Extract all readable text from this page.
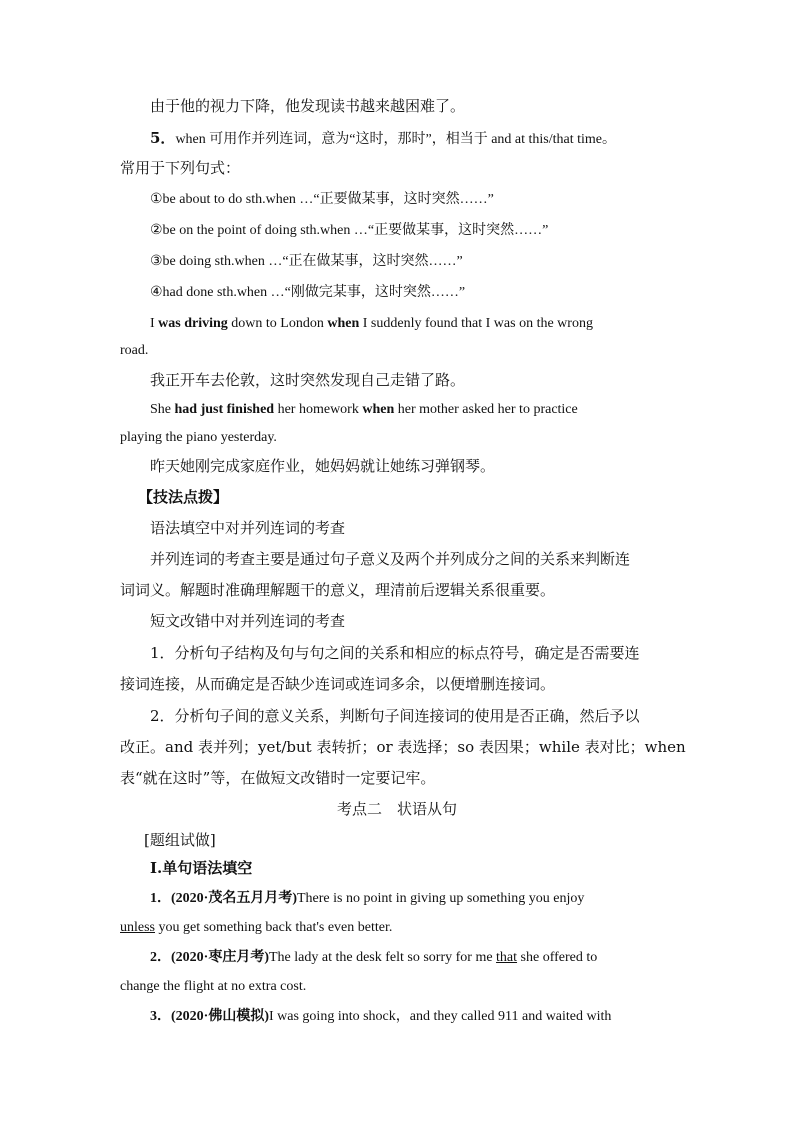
由于他的视力下降，他发现读书越来越困难了。
5．when 可用作并列连词，意为“这时，那时”，相当于 and at this/that time。
常用于下列句式：
①be about to do sth.when …“正要做某事，这时突然……”
②be on the point of doing sth.when …“正要做某事，这时突然……”
③be doing sth.when …“正在做某事，这时突然……”
④had done sth.when …“刚做完某事，这时突然……”
I was driving down to London when I suddenly found that I was on the wrong
road.
我正开车去伦敦，这时突然发现自己走错了路。
She had just finished her homework when her mother asked her to practice
playing the piano yesterday.
昨天她刚完成家庭作业，她妈妈就让她练习弹钢琴。
【技法点拨】
语法填空中对并列连词的考查
并列连词的考查主要是通过句子意义及两个并列成分之间的关系来判断连
词词义。解题时准确理解题干的意义，理清前后逻辑关系很重要。
短文改错中对并列连词的考查
1．分析句子结构及句与句之间的关系和相应的标点符号，确定是否需要连
接词连接，从而确定是否缺少连词或连词多余，以便增删连接词。
2．分析句子间的意义关系，判断句子间连接词的使用是否正确，然后予以
改正。and 表并列；yet/but 表转折；or 表选择；so 表因果；while 表对比；when
表“就在这时”等，在做短文改错时一定要记牢。
考点二　状语从句
[题组试做]
Ⅰ.单句语法填空
1．(2020·茂名五月月考)There is no point in giving up something you enjoy
unless you get something back that's even better.
2．(2020·枣庄月考)The lady at the desk felt so sorry for me that she offered to
change the flight at no extra cost.
3．(2020·佛山模拟)I was going into shock，and they called 911 and waited with
